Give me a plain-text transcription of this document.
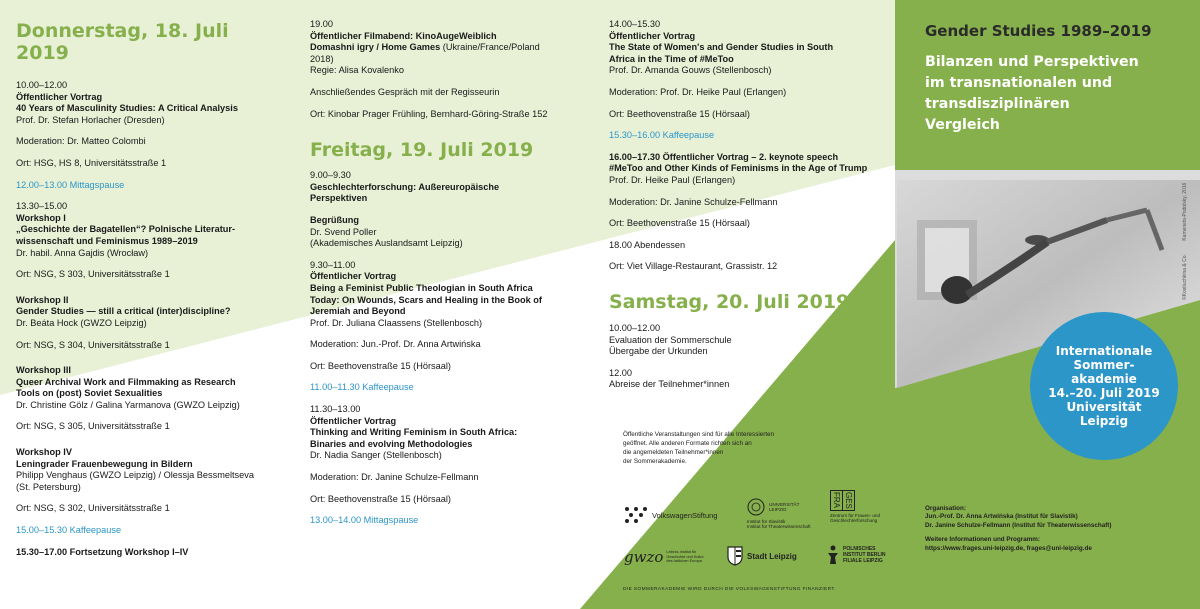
Donnerstag, 18. Juli 2019

10.00–12.00

Öffentlicher Vortrag

40 Years of Masculinity Studies: A Critical Analysis

Prof. Dr. Stefan Horlacher (Dresden)

Moderation: Dr. Matteo Colombi

Ort: HSG, HS 8, Universitätsstraße 1

12.00–13.00 Mittagspause

13.30–15.00

Workshop I

„Geschichte der Bagatellen“? Polnische Literatur-

wissenschaft und Feminismus 1989–2019

Dr. habil. Anna Gajdis (Wrocław)

Ort: NSG, S 303, Universitätsstraße 1

Workshop II

Gender Studies — still a critical (inter)discipline?

Dr. Beáta Hock (GWZO Leipzig)

Ort: NSG, S 304, Universitätsstraße 1

Workshop III

Queer Archival Work and Filmmaking as Research

Tools on (post) Soviet Sexualities

Dr. Christine Gölz / Galina Yarmanova (GWZO Leipzig)

Ort: NSG, S 305, Universitätsstraße 1

Workshop IV

Leningrader Frauenbewegung in Bildern

Philipp Venghaus (GWZO Leipzig) / Olessja Bessmeltseva

(St. Petersburg)

Ort: NSG, S 302, Universitätsstraße 1

15.00–15.30 Kaffeepause

15.30–17.00 Fortsetzung Workshop I–IV

19.00

Öffentlicher Filmabend: KinoAugeWeiblich

Domashni igry / Home Games (Ukraine/France/Poland

2018)

Regie: Alisa Kovalenko

Anschließendes Gespräch mit der Regisseurin

Ort: Kinobar Prager Frühling, Bernhard-Göring-Straße 152

Freitag, 19. Juli 2019

9.00–9.30

Geschlechterforschung: Außereuropäische

Perspektiven

Begrüßung

Dr. Svend Poller

(Akademisches Auslandsamt Leipzig)

9.30–11.00

Öffentlicher Vortrag

Being a Feminist Public Theologian in South Africa

Today: On Wounds, Scars and Healing in the Book of

Jeremiah and Beyond

Prof. Dr. Juliana Claassens (Stellenbosch)

Moderation: Jun.-Prof. Dr. Anna Artwińska

Ort: Beethovenstraße 15 (Hörsaal)

11.00–11.30 Kaffeepause

11.30–13.00

Öffentlicher Vortrag

Thinking and Writing Feminism in South Africa:

Binaries and evolving Methodologies

Dr. Nadia Sanger (Stellenbosch)

Moderation: Dr. Janine Schulze-Fellmann

Ort: Beethovenstraße 15 (Hörsaal)

13.00–14.00 Mittagspause

14.00–15.30

Öffentlicher Vortrag

The State of Women's and Gender Studies in South

Africa in the Time of #MeToo

Prof. Dr. Amanda Gouws (Stellenbosch)

Moderation: Prof. Dr. Heike Paul (Erlangen)

Ort: Beethovenstraße 15 (Hörsaal)

15.30–16.00 Kaffeepause

16.00–17.30 Öffentlicher Vortrag – 2. keynote speech

#MeToo and Other Kinds of Feminisms in the Age of Trump

Prof. Dr. Heike Paul (Erlangen)

Moderation: Dr. Janine Schulze-Fellmann

Ort: Beethovenstraße 15 (Hörsaal)

18.00 Abendessen

Ort: Viet Village-Restaurant, Grassistr. 12

Samstag, 20. Juli 2019

10.00–12.00

Evaluation der Sommerschule

Übergabe der Urkunden

12.00

Abreise der Teilnehmer*innen

Öffentliche Veranstaltungen sind für alle Interessierten
geöffnet. Alle anderen Formate richten sich an
die angemeldeten Teilnehmer*innen
der Sommerakademie.
VolkswagenStiftung
UNIVERSITÄT
LEIPZIG
Institut für Slavistik
Institut für Theaterwissenschaft
FRA GES
Zentrum für Frauen- und
Geschlechterforschung
gwzo Leibniz-Institut für
Geschichte und Kultur
des östlichen Europa
Stadt Leipzig
POLNISCHES
INSTITUT BERLIN
FILIALE LEIPZIG
DIE SOMMERAKADEMIE WIRD DURCH DIE VOLKSWAGENSTIFTUNG FINANZIERT.
Gender Studies 1989–2019
Bilanzen und Perspektiven
im transnationalen und
transdisziplinären
Vergleich
©Kostiuchkina & Co. Kamenets-Podolsky, 2016
Internationale
Sommer-
akademie
14.–20. Juli 2019
Universität
Leipzig
Organisation:
Jun.-Prof. Dr. Anna Artwińska (Institut für Slavistik)
Dr. Janine Schulze-Fellmann (Institut für Theaterwissenschaft)
Weitere Informationen und Programm:
https://www.frages.uni-leipzig.de, frages@uni-leipzig.de
